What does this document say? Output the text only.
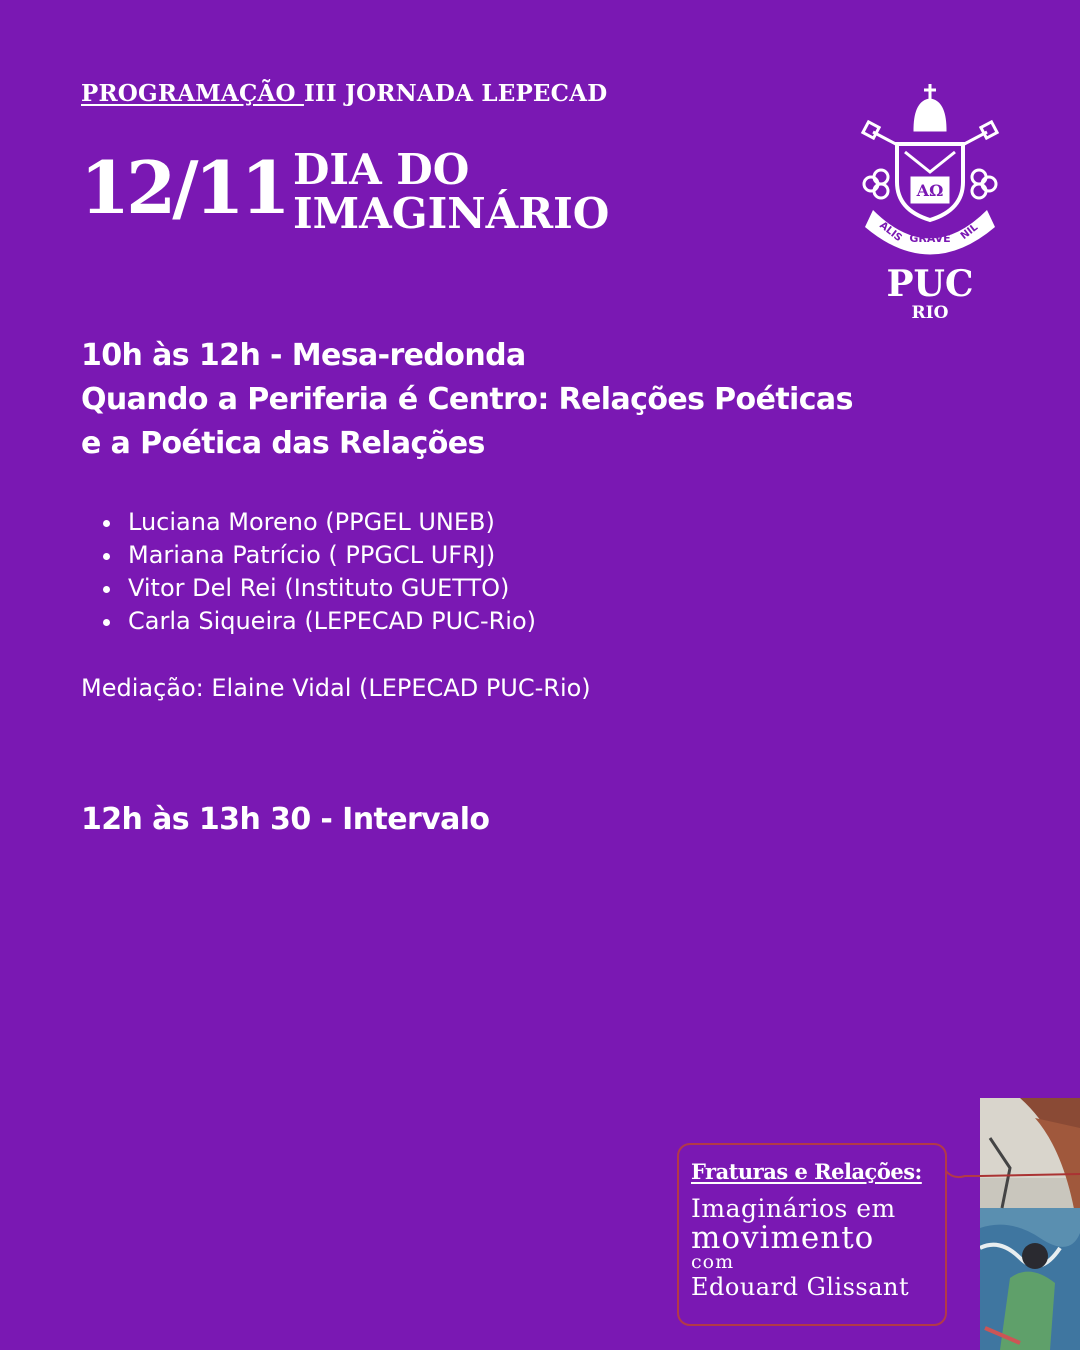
PROGRAMAÇÃO III JORNADA LEPECAD
12/11 DIA DO
IMAGINÁRIO	AΩ
ALIS GRAVE NIL
PUC
RIO
10h às 12h - Mesa-redonda
Quando a Periferia é Centro: Relações Poéticas
e a Poética das Relações
Luciana Moreno (PPGEL UNEB)
Mariana Patrício ( PPGCL UFRJ)
Vitor Del Rei (Instituto GUETTO)
Carla Siqueira (LEPECAD PUC-Rio)
Mediação: Elaine Vidal (LEPECAD PUC-Rio)
12h às 13h 30 - Intervalo
Fraturas e Relações:
Imaginários em
movimento
com
Edouard Glissant
